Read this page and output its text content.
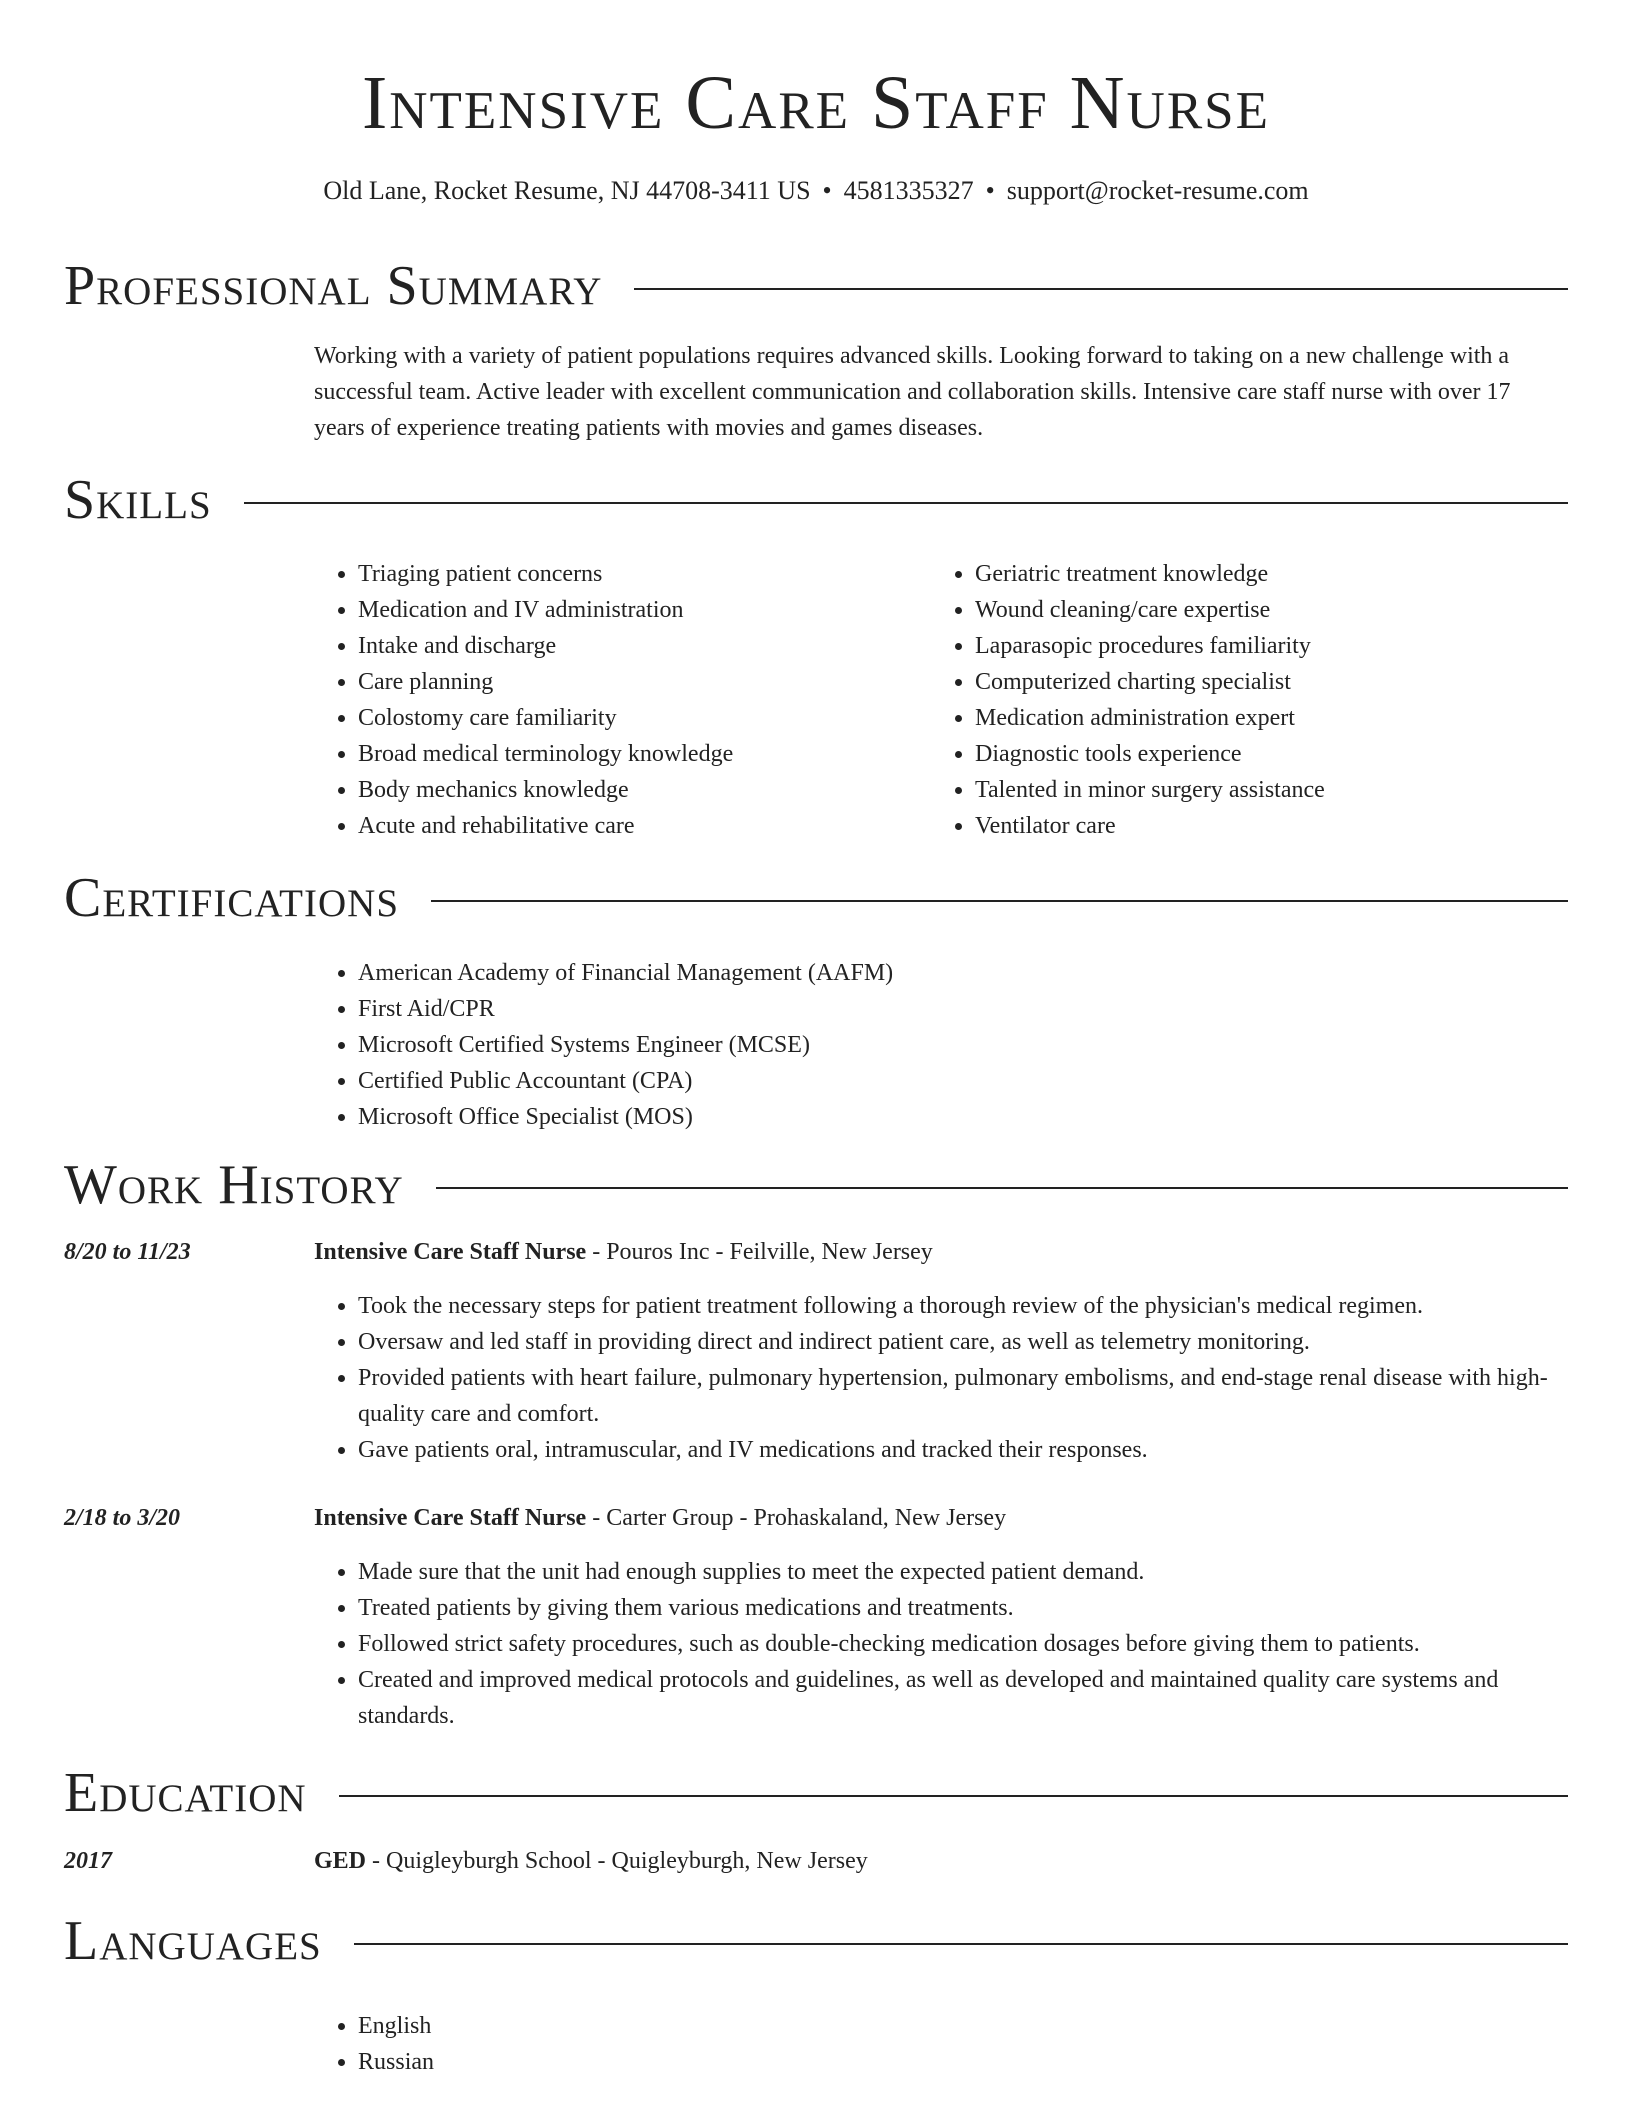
Intensive Care Staff Nurse
Old Lane, Rocket Resume, NJ 44708-3411 US • 4581335327 • support@rocket-resume.com
Professional Summary
Working with a variety of patient populations requires advanced skills. Looking forward to taking on a new challenge with a successful team. Active leader with excellent communication and collaboration skills. Intensive care staff nurse with over 17 years of experience treating patients with movies and games diseases.
Skills
• Triaging patient concerns
• Medication and IV administration
• Intake and discharge
• Care planning
• Colostomy care familiarity
• Broad medical terminology knowledge
• Body mechanics knowledge
• Acute and rehabilitative care
• Geriatric treatment knowledge
• Wound cleaning/care expertise
• Laparasopic procedures familiarity
• Computerized charting specialist
• Medication administration expert
• Diagnostic tools experience
• Talented in minor surgery assistance
• Ventilator care
Certifications
• American Academy of Financial Management (AAFM)
• First Aid/CPR
• Microsoft Certified Systems Engineer (MCSE)
• Certified Public Accountant (CPA)
• Microsoft Office Specialist (MOS)
Work History
8/20 to 11/23	Intensive Care Staff Nurse - Pouros Inc - Feilville, New Jersey
• Took the necessary steps for patient treatment following a thorough review of the physician's medical regimen.
• Oversaw and led staff in providing direct and indirect patient care, as well as telemetry monitoring.
• Provided patients with heart failure, pulmonary hypertension, pulmonary embolisms, and end-stage renal disease with high-quality care and comfort.
• Gave patients oral, intramuscular, and IV medications and tracked their responses.
2/18 to 3/20	Intensive Care Staff Nurse - Carter Group - Prohaskaland, New Jersey
• Made sure that the unit had enough supplies to meet the expected patient demand.
• Treated patients by giving them various medications and treatments.
• Followed strict safety procedures, such as double-checking medication dosages before giving them to patients.
• Created and improved medical protocols and guidelines, as well as developed and maintained quality care systems and standards.
Education
2017	GED - Quigleyburgh School - Quigleyburgh, New Jersey
Languages
• English
• Russian
